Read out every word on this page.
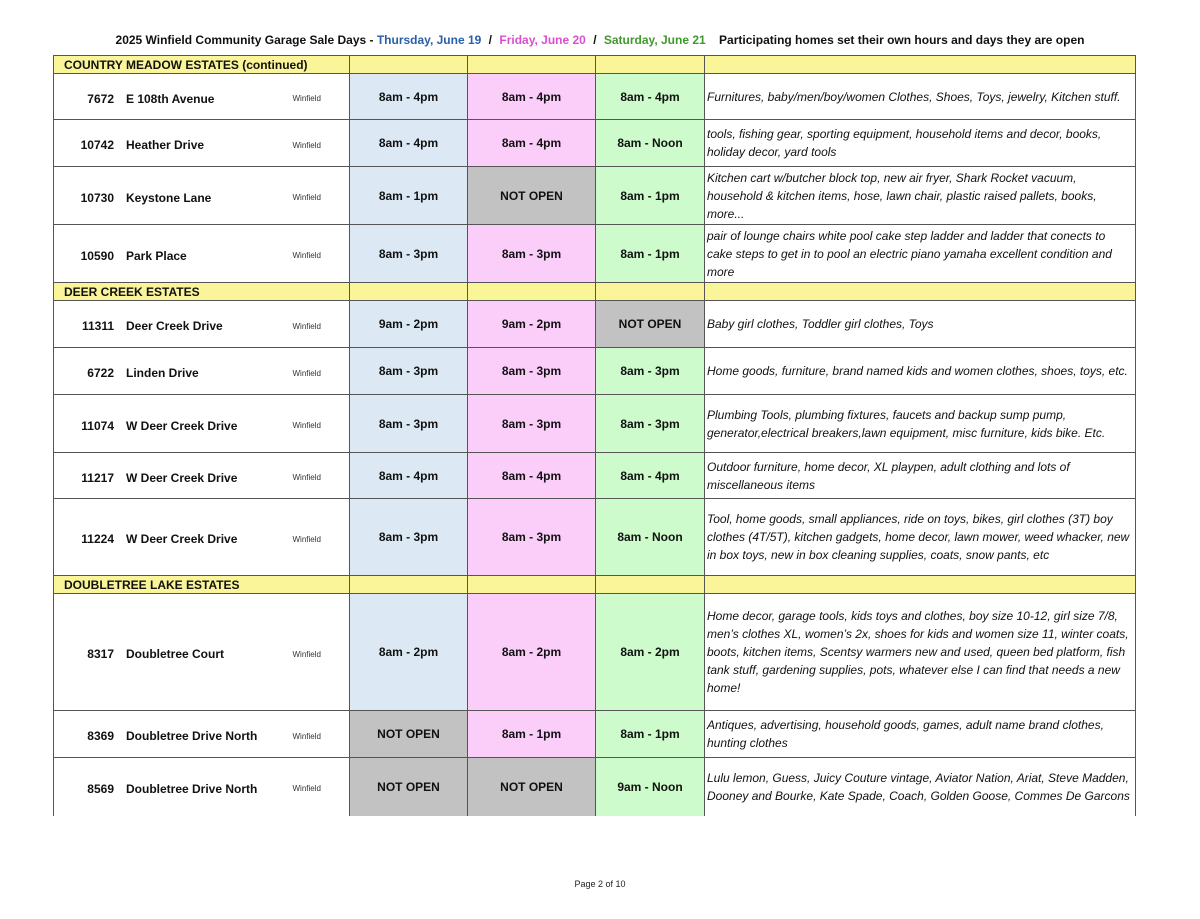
2025 Winfield Community Garage Sale Days - Thursday, June 19 / Friday, June 20 / Saturday, June 21 Participating homes set their own hours and days they are open
COUNTRY MEADOW ESTATES (continued)					
7672 E 108th Avenue	Winfield	8am - 4pm	8am - 4pm	8am - 4pm	Furnitures, baby/men/boy/women Clothes, Shoes, Toys, jewelry, Kitchen stuff.
10742 Heather Drive	Winfield	8am - 4pm	8am - 4pm	8am - Noon	tools, fishing gear, sporting equipment, household items and decor, books, holiday decor, yard tools
10730 Keystone Lane	Winfield	8am - 1pm	NOT OPEN	8am - 1pm	Kitchen cart w/butcher block top, new air fryer, Shark Rocket vacuum, household & kitchen items, hose, lawn chair, plastic raised pallets, books, more...
10590 Park Place	Winfield	8am - 3pm	8am - 3pm	8am - 1pm	pair of lounge chairs white pool cake step ladder and ladder that conects to cake steps to get in to pool an electric piano yamaha excellent condition and more
DEER CREEK ESTATES					
11311 Deer Creek Drive	Winfield	9am - 2pm	9am - 2pm	NOT OPEN	Baby girl clothes, Toddler girl clothes, Toys
6722 Linden Drive	Winfield	8am - 3pm	8am - 3pm	8am - 3pm	Home goods, furniture, brand named kids and women clothes, shoes, toys, etc.
11074 W Deer Creek Drive	Winfield	8am - 3pm	8am - 3pm	8am - 3pm	Plumbing Tools, plumbing fixtures, faucets and backup sump pump, generator,electrical breakers,lawn equipment, misc furniture, kids bike. Etc.
11217 W Deer Creek Drive	Winfield	8am - 4pm	8am - 4pm	8am - 4pm	Outdoor furniture, home decor, XL playpen, adult clothing and lots of miscellaneous items
11224 W Deer Creek Drive	Winfield	8am - 3pm	8am - 3pm	8am - Noon	Tool, home goods, small appliances, ride on toys, bikes, girl clothes (3T) boy clothes (4T/5T), kitchen gadgets, home decor, lawn mower, weed whacker, new in box toys, new in box cleaning supplies, coats, snow pants, etc
DOUBLETREE LAKE ESTATES					
8317 Doubletree Court	Winfield	8am - 2pm	8am - 2pm	8am - 2pm	Home decor, garage tools, kids toys and clothes, boy size 10-12, girl size 7/8, men’s clothes XL, women’s 2x, shoes for kids and women size 11, winter coats, boots, kitchen items, Scentsy warmers new and used, queen bed platform, fish tank stuff, gardening supplies, pots, whatever else I can find that needs a new home!
8369 Doubletree Drive North	Winfield	NOT OPEN	8am - 1pm	8am - 1pm	Antiques, advertising, household goods, games, adult name brand clothes, hunting clothes
8569 Doubletree Drive North	Winfield	NOT OPEN	NOT OPEN	9am - Noon	Lulu lemon, Guess, Juicy Couture vintage, Aviator Nation, Ariat, Steve Madden, Dooney and Bourke, Kate Spade, Coach, Golden Goose, Commes De Garcons
Page 2 of 10
